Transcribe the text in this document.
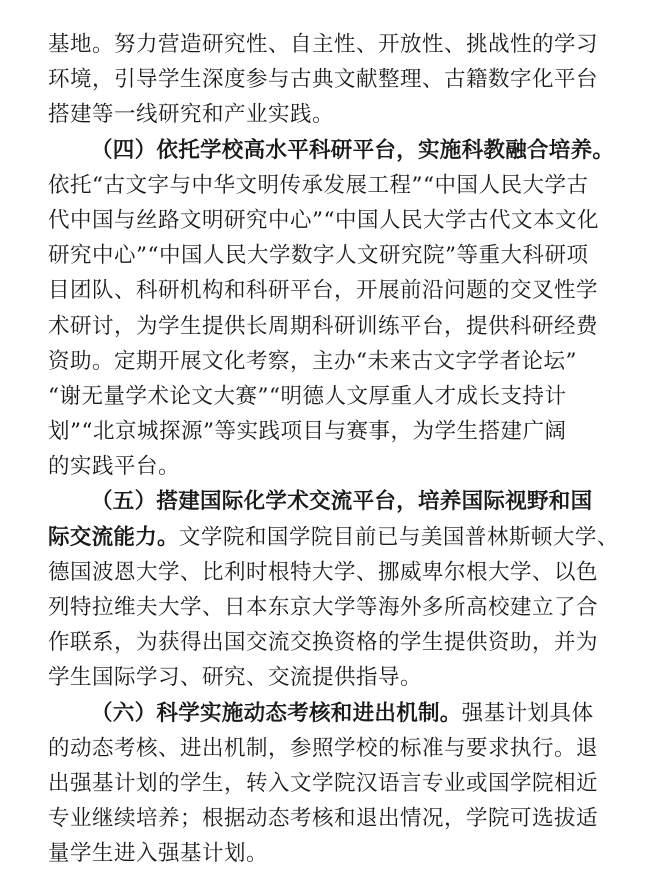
基地。努力营造研究性、自主性、开放性、挑战性的学习
环境，引导学生深度参与古典文献整理、古籍数字化平台
搭建等一线研究和产业实践。
（四）依托学校高水平科研平台，实施科教融合培养。
依托“古文字与中华文明传承发展工程”“中国人民大学古
代中国与丝路文明研究中心”“中国人民大学古代文本文化
研究中心”“中国人民大学数字人文研究院”等重大科研项
目团队、科研机构和科研平台，开展前沿问题的交叉性学
术研讨，为学生提供长周期科研训练平台，提供科研经费
资助。定期开展文化考察，主办“未来古文字学者论坛”
“谢无量学术论文大赛”“明德人文厚重人才成长支持计
划”“北京城探源”等实践项目与赛事，为学生搭建广阔
的实践平台。
（五）搭建国际化学术交流平台，培养国际视野和国
际交流能力。文学院和国学院目前已与美国普林斯顿大学、
德国波恩大学、比利时根特大学、挪威卑尔根大学、以色
列特拉维夫大学、日本东京大学等海外多所高校建立了合
作联系，为获得出国交流交换资格的学生提供资助，并为
学生国际学习、研究、交流提供指导。
（六）科学实施动态考核和进出机制。强基计划具体
的动态考核、进出机制，参照学校的标准与要求执行。退
出强基计划的学生，转入文学院汉语言专业或国学院相近
专业继续培养；根据动态考核和退出情况，学院可选拔适
量学生进入强基计划。
